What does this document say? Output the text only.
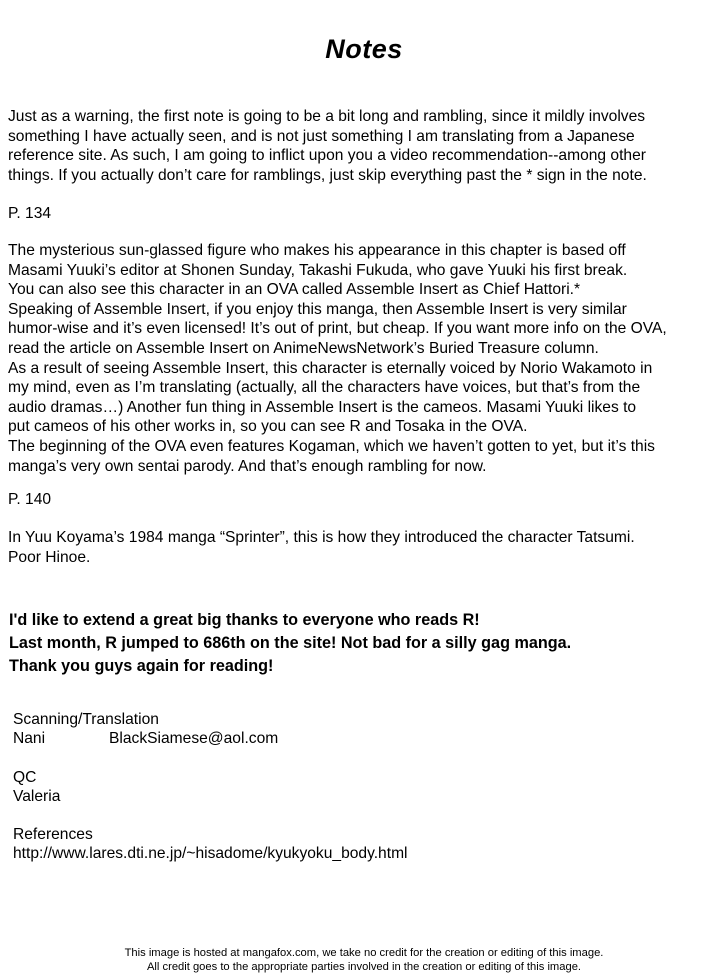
Notes
Just as a warning, the first note is going to be a bit long and rambling, since it mildly involves
something I have actually seen, and is not just something I am translating from a Japanese
reference site. As such, I am going to inflict upon you a video recommendation--among other
things. If you actually don’t care for ramblings, just skip everything past the * sign in the note.
P. 134
The mysterious sun-glassed figure who makes his appearance in this chapter is based off
Masami Yuuki’s editor at Shonen Sunday, Takashi Fukuda, who gave Yuuki his first break.
You can also see this character in an OVA called Assemble Insert as Chief Hattori.*
Speaking of Assemble Insert, if you enjoy this manga, then Assemble Insert is very similar
humor-wise and it’s even licensed! It’s out of print, but cheap. If you want more info on the OVA,
read the article on Assemble Insert on AnimeNewsNetwork’s Buried Treasure column.
As a result of seeing Assemble Insert, this character is eternally voiced by Norio Wakamoto in
my mind, even as I’m translating (actually, all the characters have voices, but that’s from the
audio dramas…) Another fun thing in Assemble Insert is the cameos. Masami Yuuki likes to
put cameos of his other works in, so you can see R and Tosaka in the OVA.
The beginning of the OVA even features Kogaman, which we haven’t gotten to yet, but it’s this
manga’s very own sentai parody. And that’s enough rambling for now.
P. 140
In Yuu Koyama’s 1984 manga “Sprinter”, this is how they introduced the character Tatsumi.
Poor Hinoe.
I'd like to extend a great big thanks to everyone who reads R!
Last month, R jumped to 686th on the site! Not bad for a silly gag manga.
Thank you guys again for reading!
Scanning/Translation
Nani	BlackSiamese@aol.com
QC
Valeria
References
http://www.lares.dti.ne.jp/~hisadome/kyukyoku_body.html
This image is hosted at mangafox.com, we take no credit for the creation or editing of this image.
All credit goes to the appropriate parties involved in the creation or editing of this image.
